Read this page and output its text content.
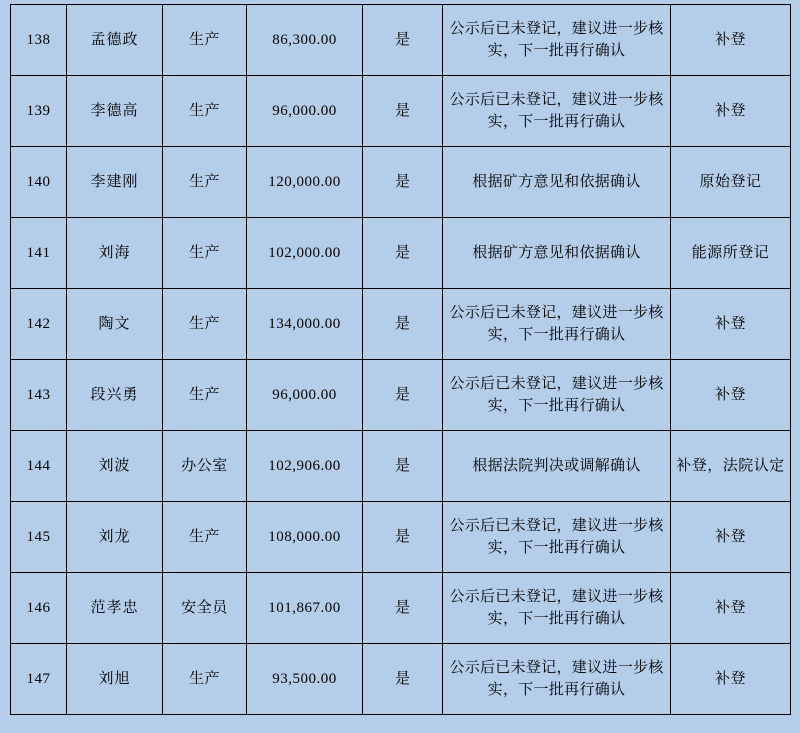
138	孟德政	生产	86,300.00	是	公示后已未登记，建议进一步核实，下一批再行确认	补登
139	李德高	生产	96,000.00	是	公示后已未登记，建议进一步核实，下一批再行确认	补登
140	李建刚	生产	120,000.00	是	根据矿方意见和依据确认	原始登记
141	刘海	生产	102,000.00	是	根据矿方意见和依据确认	能源所登记
142	陶文	生产	134,000.00	是	公示后已未登记，建议进一步核实，下一批再行确认	补登
143	段兴勇	生产	96,000.00	是	公示后已未登记，建议进一步核实，下一批再行确认	补登
144	刘波	办公室	102,906.00	是	根据法院判决或调解确认	补登，法院认定
145	刘龙	生产	108,000.00	是	公示后已未登记，建议进一步核实，下一批再行确认	补登
146	范孝忠	安全员	101,867.00	是	公示后已未登记，建议进一步核实，下一批再行确认	补登
147	刘旭	生产	93,500.00	是	公示后已未登记，建议进一步核实，下一批再行确认	补登
